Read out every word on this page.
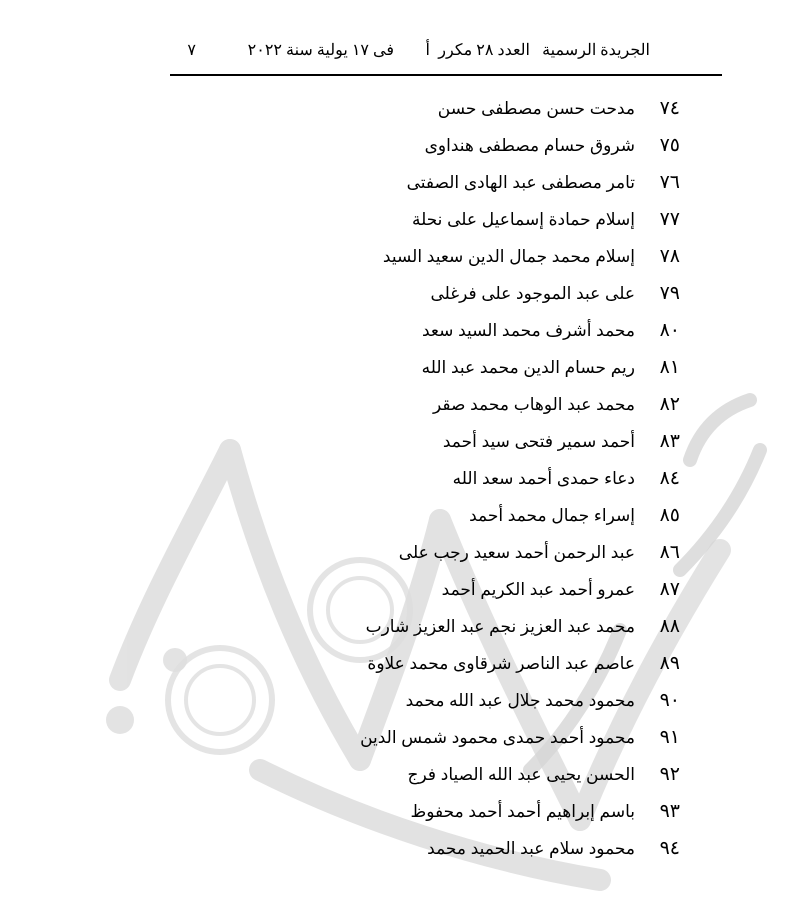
الجريدة الرسمية
العدد ٢٨ مكرر
أ
فى ١٧ يولية سنة ٢٠٢٢
٧
٧٤
مدحت حسن مصطفى حسن
٧٥
شروق حسام مصطفى هنداوى
٧٦
تامر مصطفى عبد الهادى الصفتى
٧٧
إسلام حمادة إسماعيل على نحلة
٧٨
إسلام محمد جمال الدين سعيد السيد
٧٩
على عبد الموجود على فرغلى
٨٠
محمد أشرف محمد السيد سعد
٨١
ريم حسام الدين محمد عبد الله
٨٢
محمد عبد الوهاب محمد صقر
٨٣
أحمد سمير فتحى سيد أحمد
٨٤
دعاء حمدى أحمد سعد الله
٨٥
إسراء جمال محمد أحمد
٨٦
عبد الرحمن أحمد سعيد رجب على
٨٧
عمرو أحمد عبد الكريم أحمد
٨٨
محمد عبد العزيز نجم عبد العزيز شارب
٨٩
عاصم عبد الناصر شرقاوى محمد علاوة
٩٠
محمود محمد جلال عبد الله محمد
٩١
محمود أحمد حمدى محمود شمس الدين
٩٢
الحسن يحيى عبد الله الصياد فرج
٩٣
باسم إبراهيم أحمد أحمد محفوظ
٩٤
محمود سلام عبد الحميد محمد
